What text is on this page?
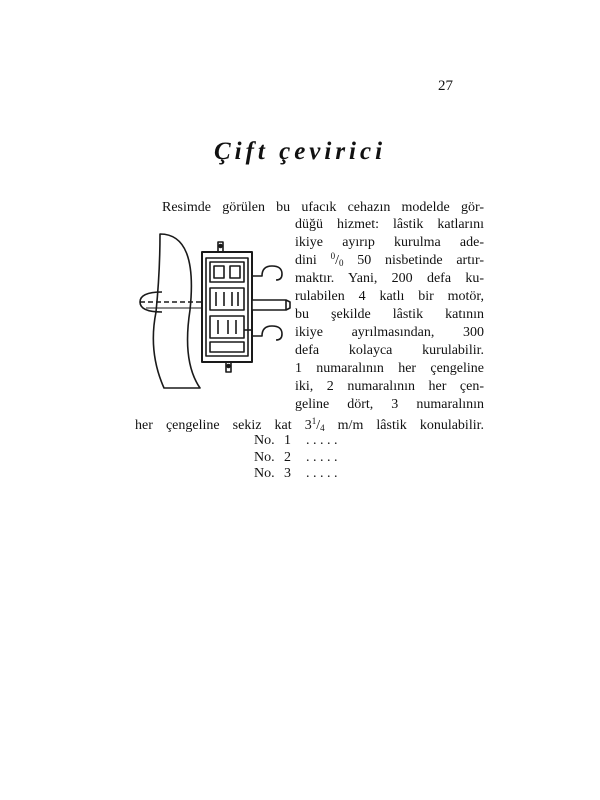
27
Çift çevirici
Resimde görülen bu ufacık cehazın modelde gör-
düğü hizmet: lâstik katlarını
ikiye ayırıp kurulma ade-
dini $^0$/0 50 nisbetinde artır-
maktır. Yani, 200 defa ku-
rulabilen 4 katlı bir motör,
bu şekilde lâstik katının
ikiye ayrılmasından, 300
defa kolayca kurulabilir.
1 numaralının her çengeline
iki, 2 numaralının her çen-
geline dört, 3 numaralının
her çengeline sekiz kat $3^1/4$ m/m lâstik konulabilir.
No. 1 . . . . .
No. 2 . . . . .
No. 3 . . . . .
